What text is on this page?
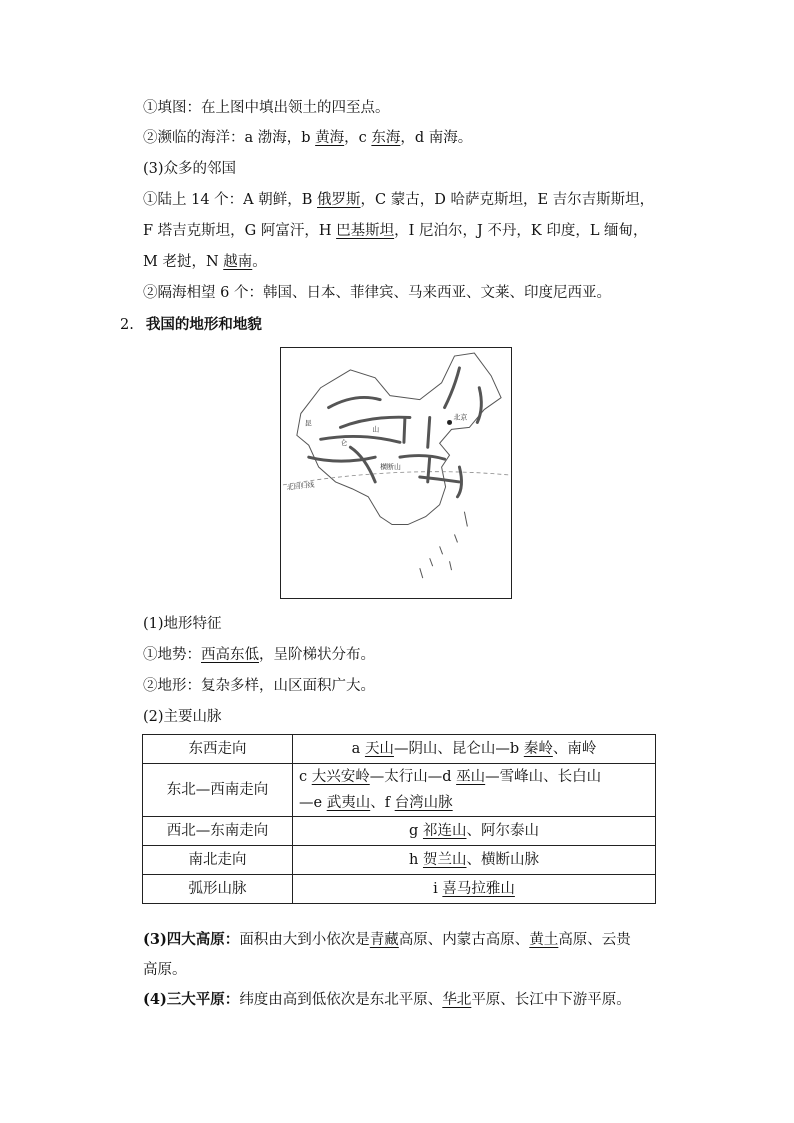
①填图：在上图中填出领土的四至点。
②濒临的海洋：a 渤海，b 黄海，c 东海，d 南海。
(3)众多的邻国
①陆上 14 个：A 朝鲜，B 俄罗斯，C 蒙古，D 哈萨克斯坦，E 吉尔吉斯斯坦，
F 塔吉克斯坦，G 阿富汗，H 巴基斯坦，I 尼泊尔，J 不丹，K 印度，L 缅甸，
M 老挝，N 越南。
②隔海相望 6 个：韩国、日本、菲律宾、马来西亚、文莱、印度尼西亚。
2. 我国的地形和地貌
北回归线
北京
昆
仑
山
横断山
(1)地形特征
①地势：西高东低，呈阶梯状分布。
②地形：复杂多样，山区面积广大。
(2)主要山脉
东西走向	a 天山—阴山、昆仑山—b 秦岭、南岭
东北—西南走向	c 大兴安岭—太行山—d 巫山—雪峰山、长白山
—e 武夷山、f 台湾山脉

西北—东南走向	g 祁连山、阿尔泰山
南北走向	h 贺兰山、横断山脉
弧形山脉	i 喜马拉雅山
(3)四大高原：面积由大到小依次是青藏高原、内蒙古高原、黄土高原、云贵
高原。
(4)三大平原：纬度由高到低依次是东北平原、华北平原、长江中下游平原。
